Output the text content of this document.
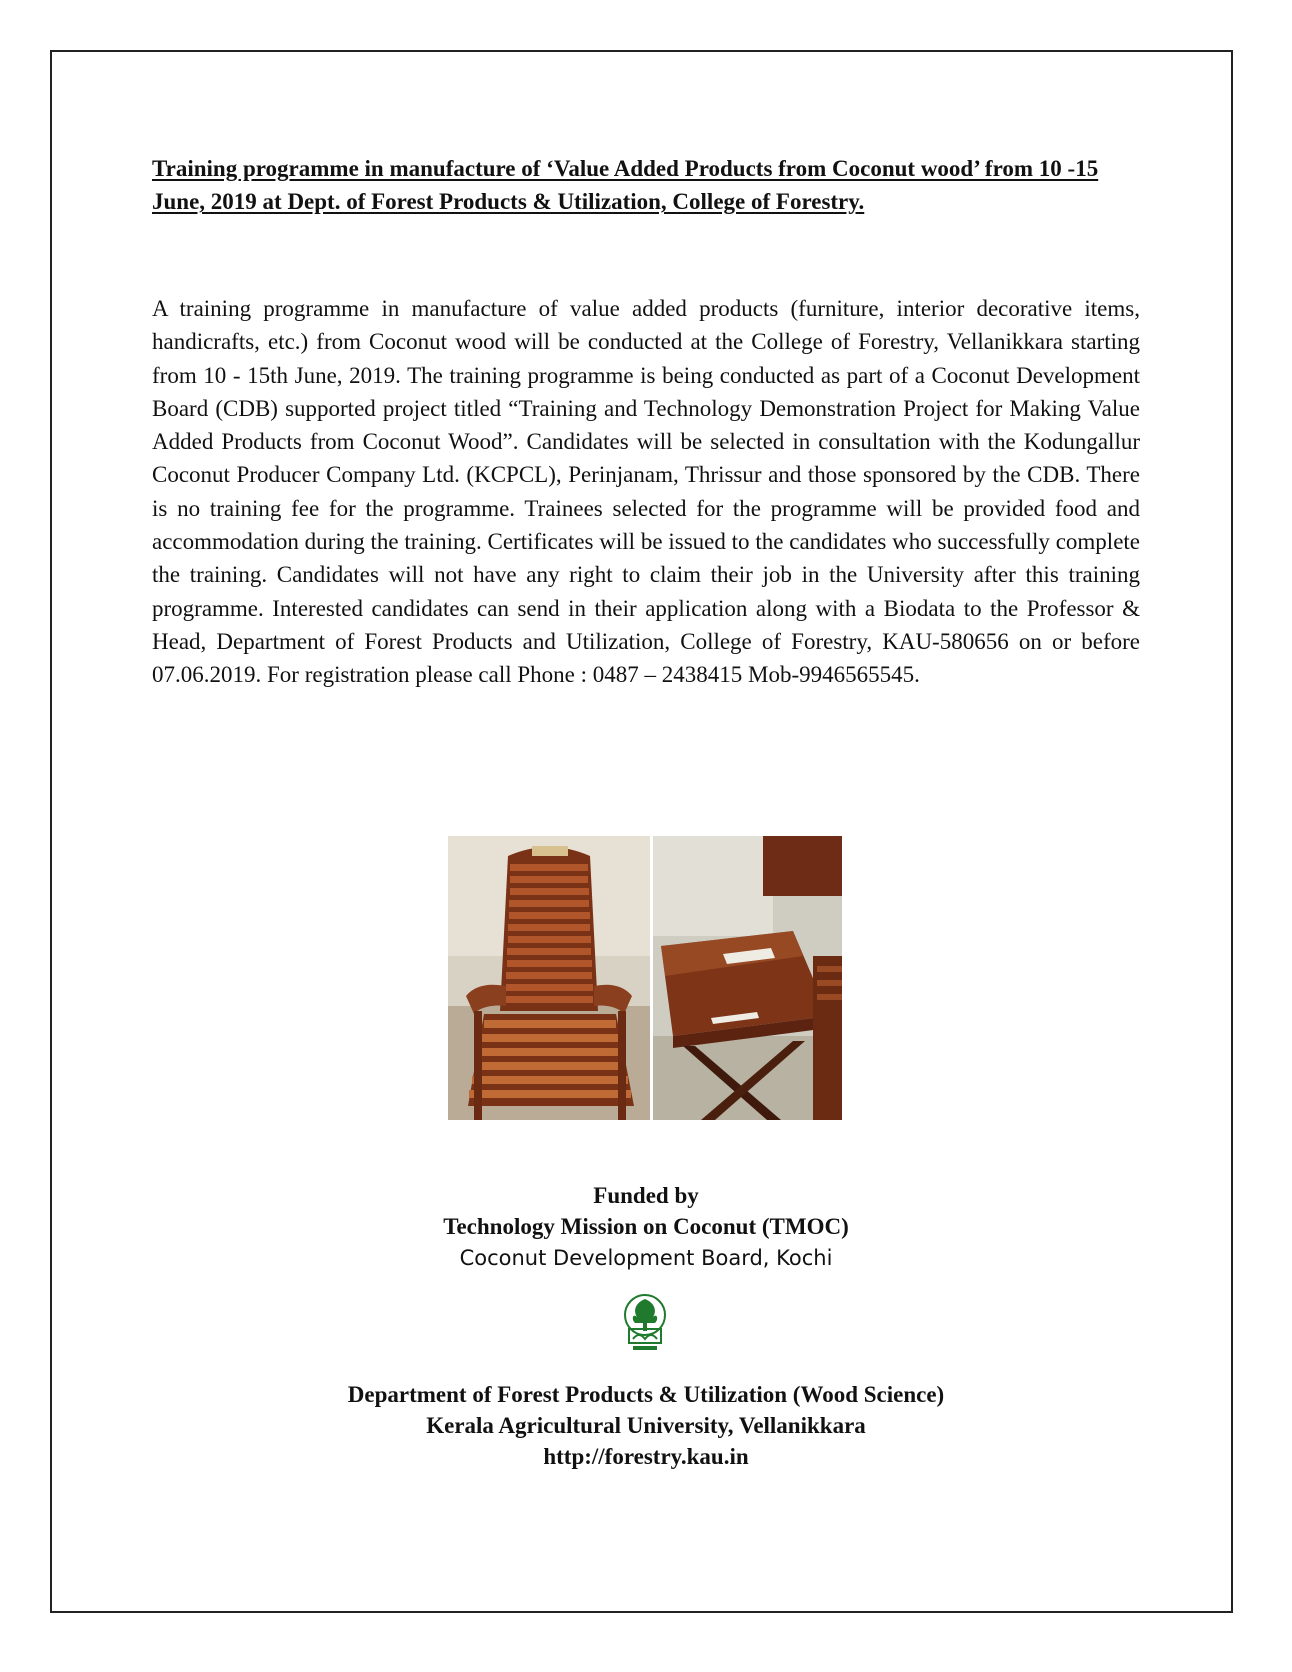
Training programme in manufacture of ‘Value Added Products from Coconut wood’ from 10 -15 June, 2019 at Dept. of Forest Products & Utilization, College of Forestry.

A training programme in manufacture of value added products (furniture, interior decorative items, handicrafts, etc.) from Coconut wood will be conducted at the College of Forestry, Vellanikkara starting from 10 - 15th June, 2019. The training programme is being conducted as part of a Coconut Development Board (CDB) supported project titled “Training and Technology Demonstration Project for Making Value Added Products from Coconut Wood”. Candidates will be selected in consultation with the Kodungallur Coconut Producer Company Ltd. (KCPCL), Perinjanam, Thrissur and those sponsored by the CDB. There is no training fee for the programme. Trainees selected for the programme will be provided food and accommodation during the training. Certificates will be issued to the candidates who successfully complete the training. Candidates will not have any right to claim their job in the University after this training programme. Interested candidates can send in their application along with a Biodata to the Professor & Head, Department of Forest Products and Utilization, College of Forestry, KAU-580656 on or before 07.06.2019. For registration please call Phone : 0487 – 2438415 Mob-9946565545.

Funded by
Technology Mission on Coconut (TMOC)
Coconut Development Board, Kochi
Department of Forest Products & Utilization (Wood Science)
Kerala Agricultural University, Vellanikkara
http://forestry.kau.in
